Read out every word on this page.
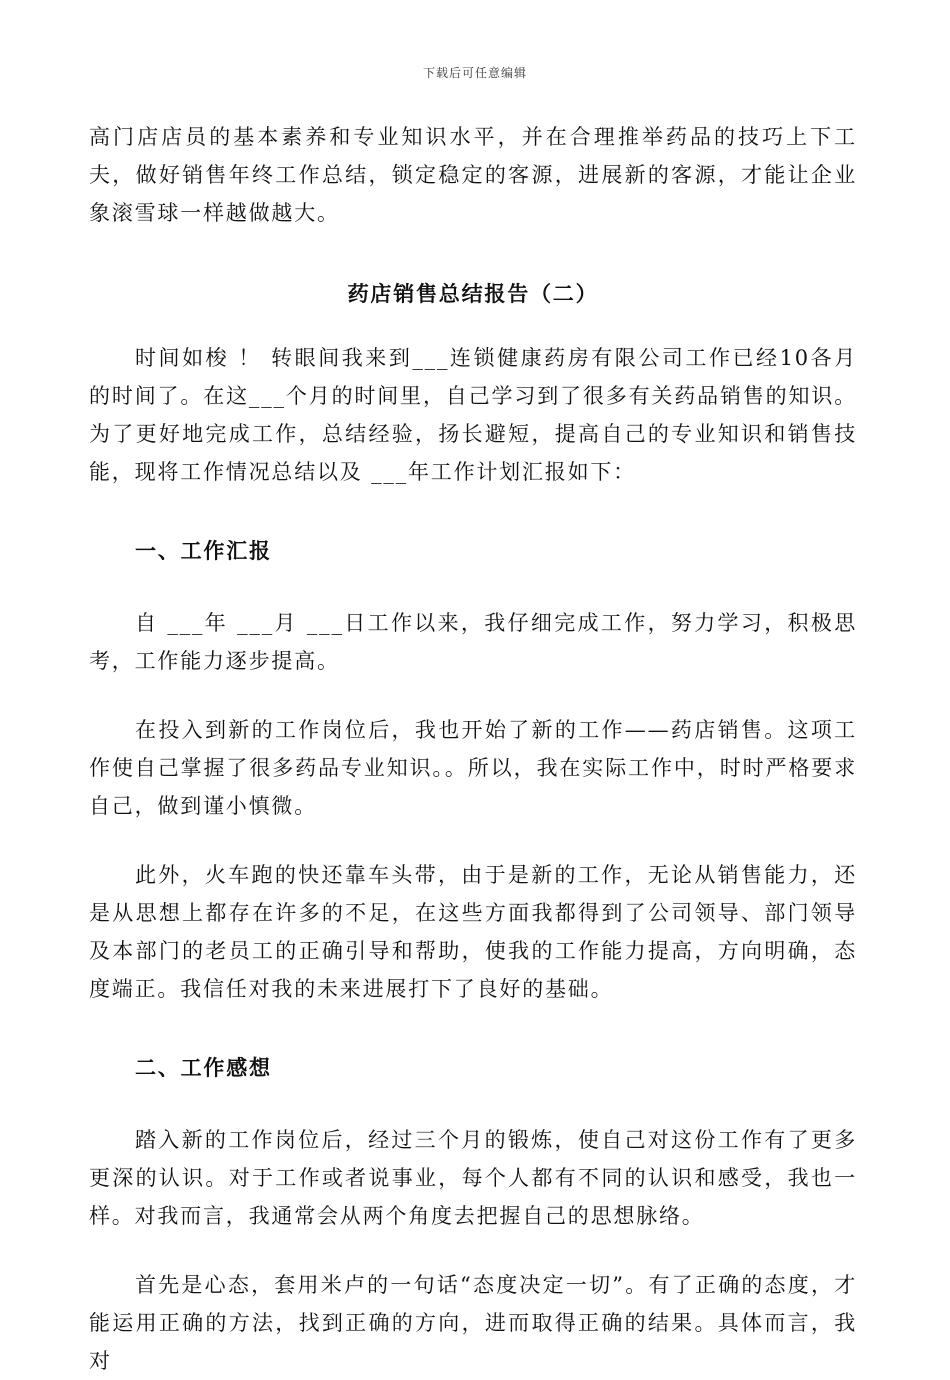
下载后可任意编辑

高门店店员的基本素养和专业知识水平，并在合理推举药品的技巧上下工夫，做好销售年终工作总结，锁定稳定的客源，进展新的客源，才能让企业象滚雪球一样越做越大。

药店销售总结报告（二）

时间如梭 ！ 转眼间我来到___连锁健康药房有限公司工作已经10各月的时间了。在这___个月的时间里，自己学习到了很多有关药品销售的知识。为了更好地完成工作，总结经验，扬长避短，提高自己的专业知识和销售技能，现将工作情况总结以及 ___年工作计划汇报如下：

一、工作汇报

自 ___年 ___月 ___日工作以来，我仔细完成工作，努力学习，积极思考，工作能力逐步提高。

在投入到新的工作岗位后，我也开始了新的工作——药店销售。这项工作使自己掌握了很多药品专业知识。。所以，我在实际工作中，时时严格要求自己，做到谨小慎微。

此外，火车跑的快还靠车头带，由于是新的工作，无论从销售能力，还是从思想上都存在许多的不足，在这些方面我都得到了公司领导、部门领导及本部门的老员工的正确引导和帮助，使我的工作能力提高，方向明确，态度端正。我信任对我的未来进展打下了良好的基础。

二、工作感想

踏入新的工作岗位后，经过三个月的锻炼，使自己对这份工作有了更多更深的认识。对于工作或者说事业，每个人都有不同的认识和感受，我也一样。对我而言，我通常会从两个角度去把握自己的思想脉络。

首先是心态，套用米卢的一句话“态度决定一切”。有了正确的态度，才能运用正确的方法，找到正确的方向，进而取得正确的结果。具体而言，我对
